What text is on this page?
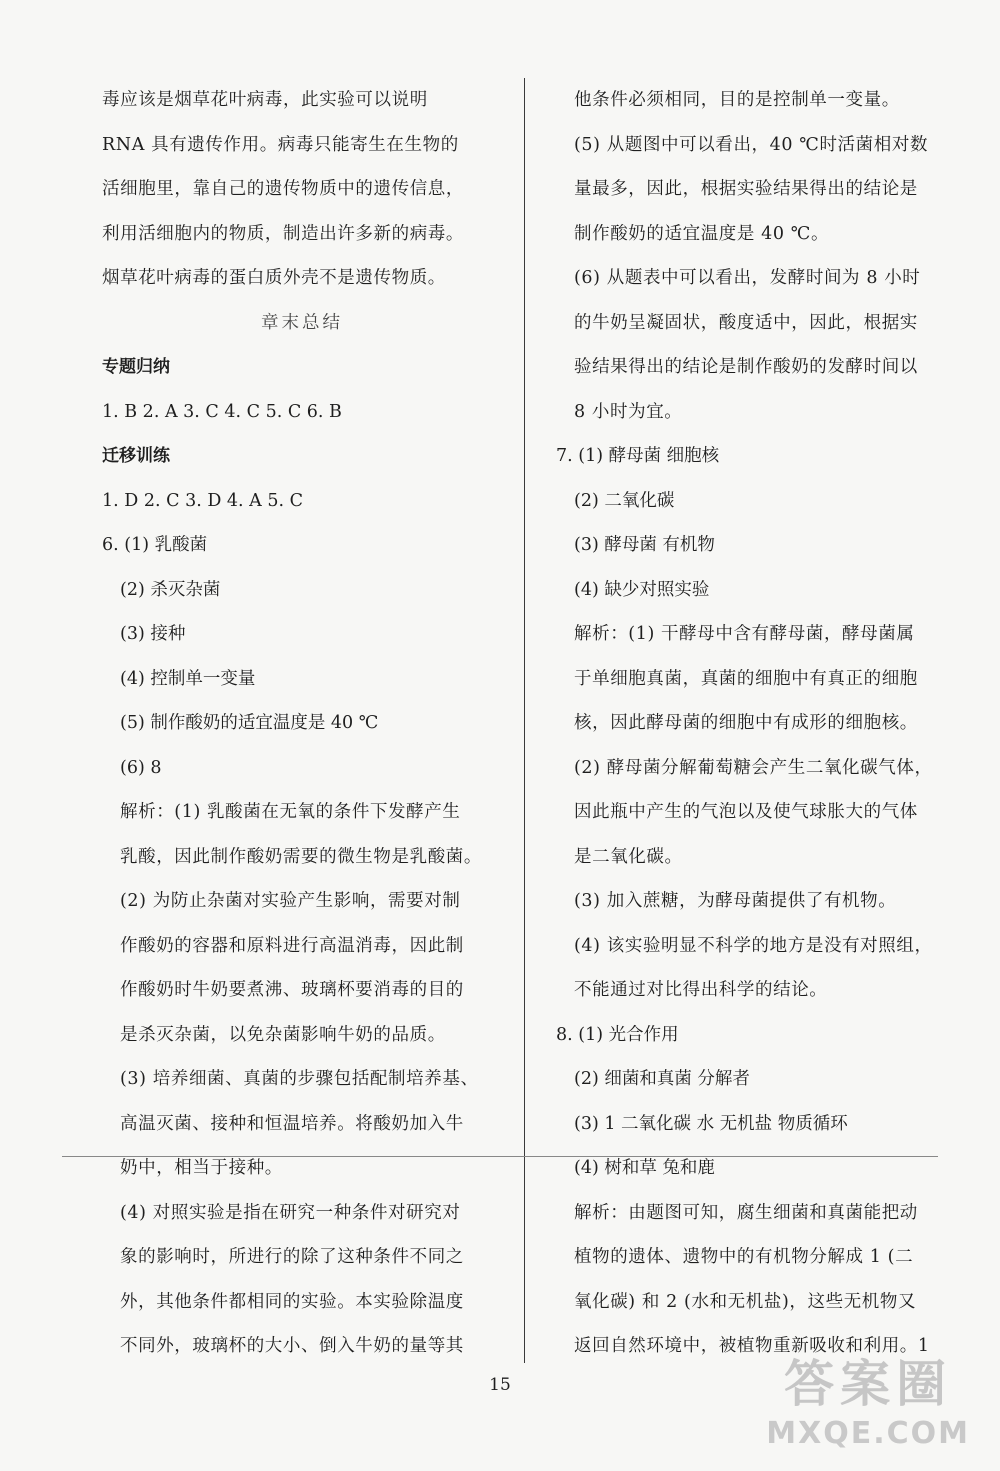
毒应该是烟草花叶病毒，此实验可以说明
RNA 具有遗传作用。病毒只能寄生在生物的
活细胞里，靠自己的遗传物质中的遗传信息，
利用活细胞内的物质，制造出许多新的病毒。
烟草花叶病毒的蛋白质外壳不是遗传物质。
章末总结
专题归纳
1. B 2. A 3. C 4. C 5. C 6. B
迁移训练
1. D 2. C 3. D 4. A 5. C
6. (1) 乳酸菌
(2) 杀灭杂菌
(3) 接种
(4) 控制单一变量
(5) 制作酸奶的适宜温度是 40 ℃
(6) 8
解析：(1) 乳酸菌在无氧的条件下发酵产生
乳酸，因此制作酸奶需要的微生物是乳酸菌。
(2) 为防止杂菌对实验产生影响，需要对制
作酸奶的容器和原料进行高温消毒，因此制
作酸奶时牛奶要煮沸、玻璃杯要消毒的目的
是杀灭杂菌，以免杂菌影响牛奶的品质。
(3) 培养细菌、真菌的步骤包括配制培养基、
高温灭菌、接种和恒温培养。将酸奶加入牛
奶中，相当于接种。
(4) 对照实验是指在研究一种条件对研究对
象的影响时，所进行的除了这种条件不同之
外，其他条件都相同的实验。本实验除温度
不同外，玻璃杯的大小、倒入牛奶的量等其
他条件必须相同，目的是控制单一变量。
(5) 从题图中可以看出，40 ℃时活菌相对数
量最多，因此，根据实验结果得出的结论是
制作酸奶的适宜温度是 40 ℃。
(6) 从题表中可以看出，发酵时间为 8 小时
的牛奶呈凝固状，酸度适中，因此，根据实
验结果得出的结论是制作酸奶的发酵时间以
8 小时为宜。
7. (1) 酵母菌 细胞核
(2) 二氧化碳
(3) 酵母菌 有机物
(4) 缺少对照实验
解析：(1) 干酵母中含有酵母菌，酵母菌属
于单细胞真菌，真菌的细胞中有真正的细胞
核，因此酵母菌的细胞中有成形的细胞核。
(2) 酵母菌分解葡萄糖会产生二氧化碳气体，
因此瓶中产生的气泡以及使气球胀大的气体
是二氧化碳。
(3) 加入蔗糖，为酵母菌提供了有机物。
(4) 该实验明显不科学的地方是没有对照组，
不能通过对比得出科学的结论。
8. (1) 光合作用
(2) 细菌和真菌 分解者
(3) 1 二氧化碳 水 无机盐 物质循环
(4) 树和草 兔和鹿
解析：由题图可知，腐生细菌和真菌能把动
植物的遗体、遗物中的有机物分解成 1 (二
氧化碳) 和 2 (水和无机盐)，这些无机物又
返回自然环境中，被植物重新吸收和利用。1
15	答案圈
MXQE.COM
